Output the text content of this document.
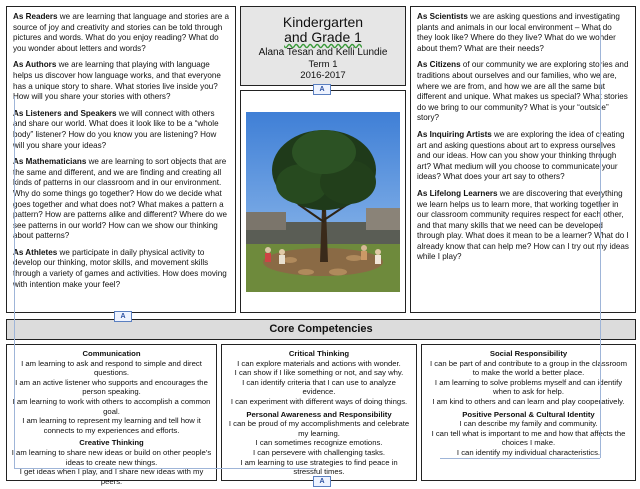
As Readers we are learning that language and stories are a source of joy and creativity and stories can be told through pictures and words. What do you enjoy reading? What do you wonder about letters and words?

As Authors we are learning that playing with language helps us discover how language works, and that everyone has a unique story to share. What stories live inside you? How will you share your stories with others?

As Listeners and Speakers we will connect with others and share our world. What does it look like to be a “whole body” listener? How do you know you are listening? How will you share your ideas?

As Mathematicians we are learning to sort objects that are the same and different, and we are finding and creating all kinds of patterns in our classroom and in our environment. Why do some things go together? How do we decide what goes together and what does not? What makes a pattern a pattern? How are patterns alike and different? Where do we see patterns in our world? How can we show our thinking about patterns?

As Athletes we participate in daily physical activity to develop our thinking, motor skills, and movement skills through a variety of games and activities. How does moving with intention make your feel?

Kindergarten
and Grade 1
Alana Tesan and Kelli Lundie
Term 1
2016-2017

As Scientists we are asking questions and investigating plants and animals in our local environment – What do they look like? Where do they live? What do we wonder about them? What are their needs?

As Citizens of our community we are exploring stories and traditions about ourselves and our families, who we are, where we are from, and how we are all the same but different and unique. What makes us special? What stories do we bring to our community? What is your “outside” story?

As Inquiring Artists we are exploring the idea of creating art and asking questions about art to express ourselves and our ideas. How can you show your thinking through art? What medium will you choose to communicate your ideas? What does your art say to others?

As Lifelong Learners we are discovering that everything we learn helps us to learn more, that working together in our classroom community requires respect for each other, and that many skills that we need can be developed through play. What does it mean to be a learner? What do I already know that can help me? How can I try out my ideas while I play?

Core Competencies
Communication
I am learning to ask and respond to simple and direct questions.
I am an active listener who supports and encourages the person speaking.
I am learning to work with others to accomplish a common goal.
I am learning to represent my learning and tell how it connects to my experiences and efforts.
Creative Thinking
I am learning to share new ideas or build on other people’s ideas to create new things.
I get ideas when I play, and I share new ideas with my peers.
Critical Thinking
I can explore materials and actions with wonder.
I can show if I like something or not, and say why.
I can identify criteria that I can use to analyze evidence.
I can experiment with different ways of doing things.
Personal Awareness and Responsibility
I can be proud of my accomplishments and celebrate my learning.
I can sometimes recognize emotions.
I can persevere with challenging tasks.
I am learning to use strategies to find peace in stressful times.
Social Responsibility
I can be part of and contribute to a group in the classroom to make the world a better place.
I am learning to solve problems myself and can identify when to ask for help.
I am kind to others and can learn and play cooperatively.
Positive Personal & Cultural Identity
I can describe my family and community.
I can tell what is important to me and how that affects the choices I make.
I can identify my individual characteristics.
A
A
A
